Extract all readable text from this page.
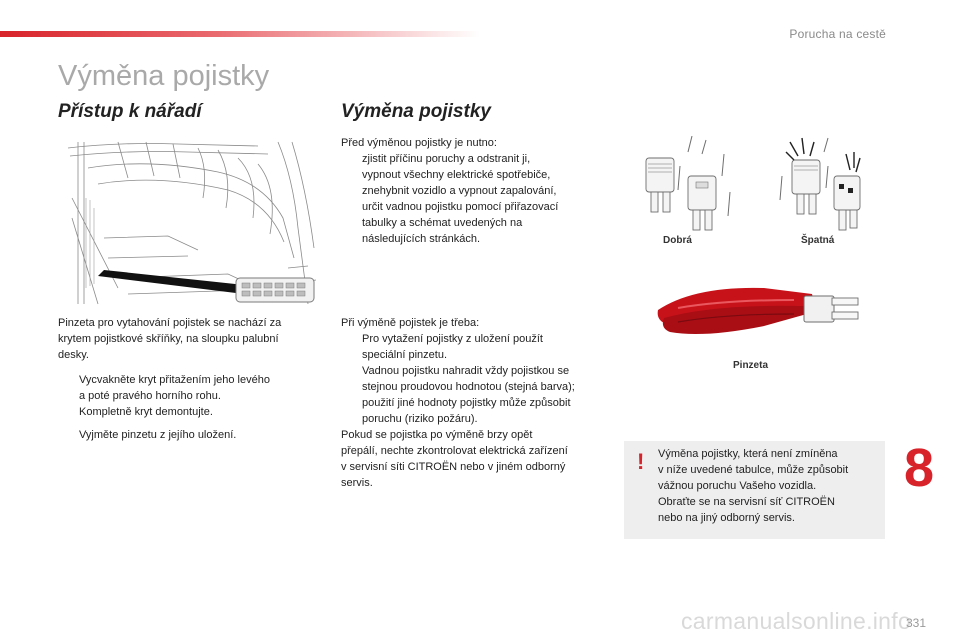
Porucha na cestě
Výměna pojistky
Přístup k nářadí
Pinzeta pro vytahování pojistek se nachází za
krytem pojistkové skříňky, na sloupku palubní
desky.
Vycvakněte kryt přitažením jeho levého
a poté pravého horního rohu.
Kompletně kryt demontujte.
Vyjměte pinzetu z jejího uložení.
Výměna pojistky
Před výměnou pojistky je nutno:
zjistit příčinu poruchy a odstranit ji,
vypnout všechny elektrické spotřebiče,
znehybnit vozidlo a vypnout zapalování,
určit vadnou pojistku pomocí přiřazovací
tabulky a schémat uvedených na
následujících stránkách.
Při výměně pojistek je třeba:
Pro vytažení pojistky z uložení použít
speciální pinzetu.
Vadnou pojistku nahradit vždy pojistkou se
stejnou proudovou hodnotou (stejná barva);
použití jiné hodnoty pojistky může způsobit
poruchu (riziko požáru).
Pokud se pojistka po výměně brzy opět
přepálí, nechte zkontrolovat elektrická zařízení
v servisní síti CITROËN nebo v jiném odborný
servis.
Dobrá	Špatná
Pinzeta
! Výměna pojistky, která není zmíněna
v níže uvedené tabulce, může způsobit
vážnou poruchu Vašeho vozidla.
Obraťte se na servisní síť CITROËN
nebo na jiný odborný servis.
8
carmanualsonline.info
331
